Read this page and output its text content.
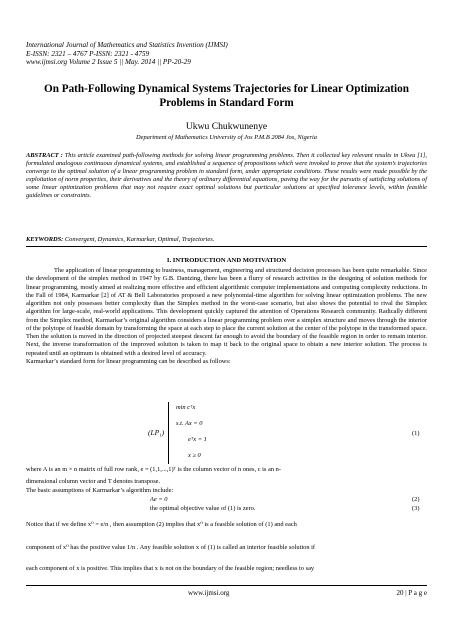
International Journal of Mathematics and Statistics Invention (IJMSI)
E-ISSN: 2321 – 4767 P-ISSN: 2321 - 4759
www.ijmsi.org Volume 2 Issue 5 || May. 2014 || PP-20-29
On Path-Following Dynamical Systems Trajectories for Linear Optimization Problems in Standard Form
Ukwu Chukwunenye
Department of Mathematics University of Jos P.M.B 2084 Jos, Nigeria
ABSTRACT : This article examined path-following methods for solving linear programming problems. Then it collected key relevant results in Ukwu [1], formulated analogous continuous dynamical systems, and established a sequence of propositions which were invoked to prove that the system’s trajectories converge to the optimal solution of a linear programming problem in standard form, under appropriate conditions. These results were made possible by the exploitation of norm properties, their derivatives and the theory of ordinary differential equations, paving the way for the pursuits of satisficing solutions of some linear optimization problems that may not require exact optimal solutions but particular solutions at specified tolerance levels, within feasible guidelines or constraints.
KEYWORDS: Convergent, Dynamics, Karmarkar, Optimal, Trajectories.
I. INTRODUCTION AND MOTIVATION

The application of linear programming to business, management, engineering and structured decision processes has been quite remarkable. Since the development of the simplex method in 1947 by G.B. Dantzing, there has been a flurry of research activities in the designing of solution methods for linear programming, mostly aimed at realizing more effective and efficient algorithmic computer implementations and computing complexity reductions. In the Fall of 1984, Karmarkar [2] of AT & Bell Laboratories proposed a new polynomial-time algorithm for solving linear optimization problems. The new algorithm not only possesses better complexity than the Simplex method in the worst-case scenario, but also shows the potential to rival the Simplex algorithm for large-scale, real-world applications. This development quickly captured the attention of Operations Research community. Radically different from the Simplex method, Karmarkar’s original algorithm considers a linear programming problem over a simplex structure and moves through the interior of the polytope of feasible domain by transforming the space at each step to place the current solution at the center of the polytope in the transformed space. Then the solution is moved in the direction of projected steepest descent far enough to avoid the boundary of the feasible region in order to remain interior. Next, the inverse transformation of the improved solution is taken to map it back to the original space to obtain a new interior solution. The process is repeated until an optimum is obtained with a desired level of accuracy.

Karmarkar’s standard form for linear programming can be described as follows:

(LP₁)
min cᵀx
s.t. Ax = 0
eᵀx = 1
x ≥ 0
(1)
where A is an m × n matrix of full row rank, e = (1,1,...,1)ᵀ is the column vector of n ones, c is an n-
dimensional column vector and T denotes transpose.
The basic assumptions of Karmarkar’s algorithm include:
Ae = 0	(2)
the optimal objective value of (1) is zero.	(3)
Notice that if we define x⁰ = e/n , then assumption (2) implies that x⁰ is a feasible solution of (1) and each
component of x⁰ has the positive value 1/n . Any feasible solution x of (1) is called an interior feasible solution if
each component of x is positive. This implies that x is not on the boundary of the feasible region; needless to say
www.ijmsi.org	20 | P a g e
